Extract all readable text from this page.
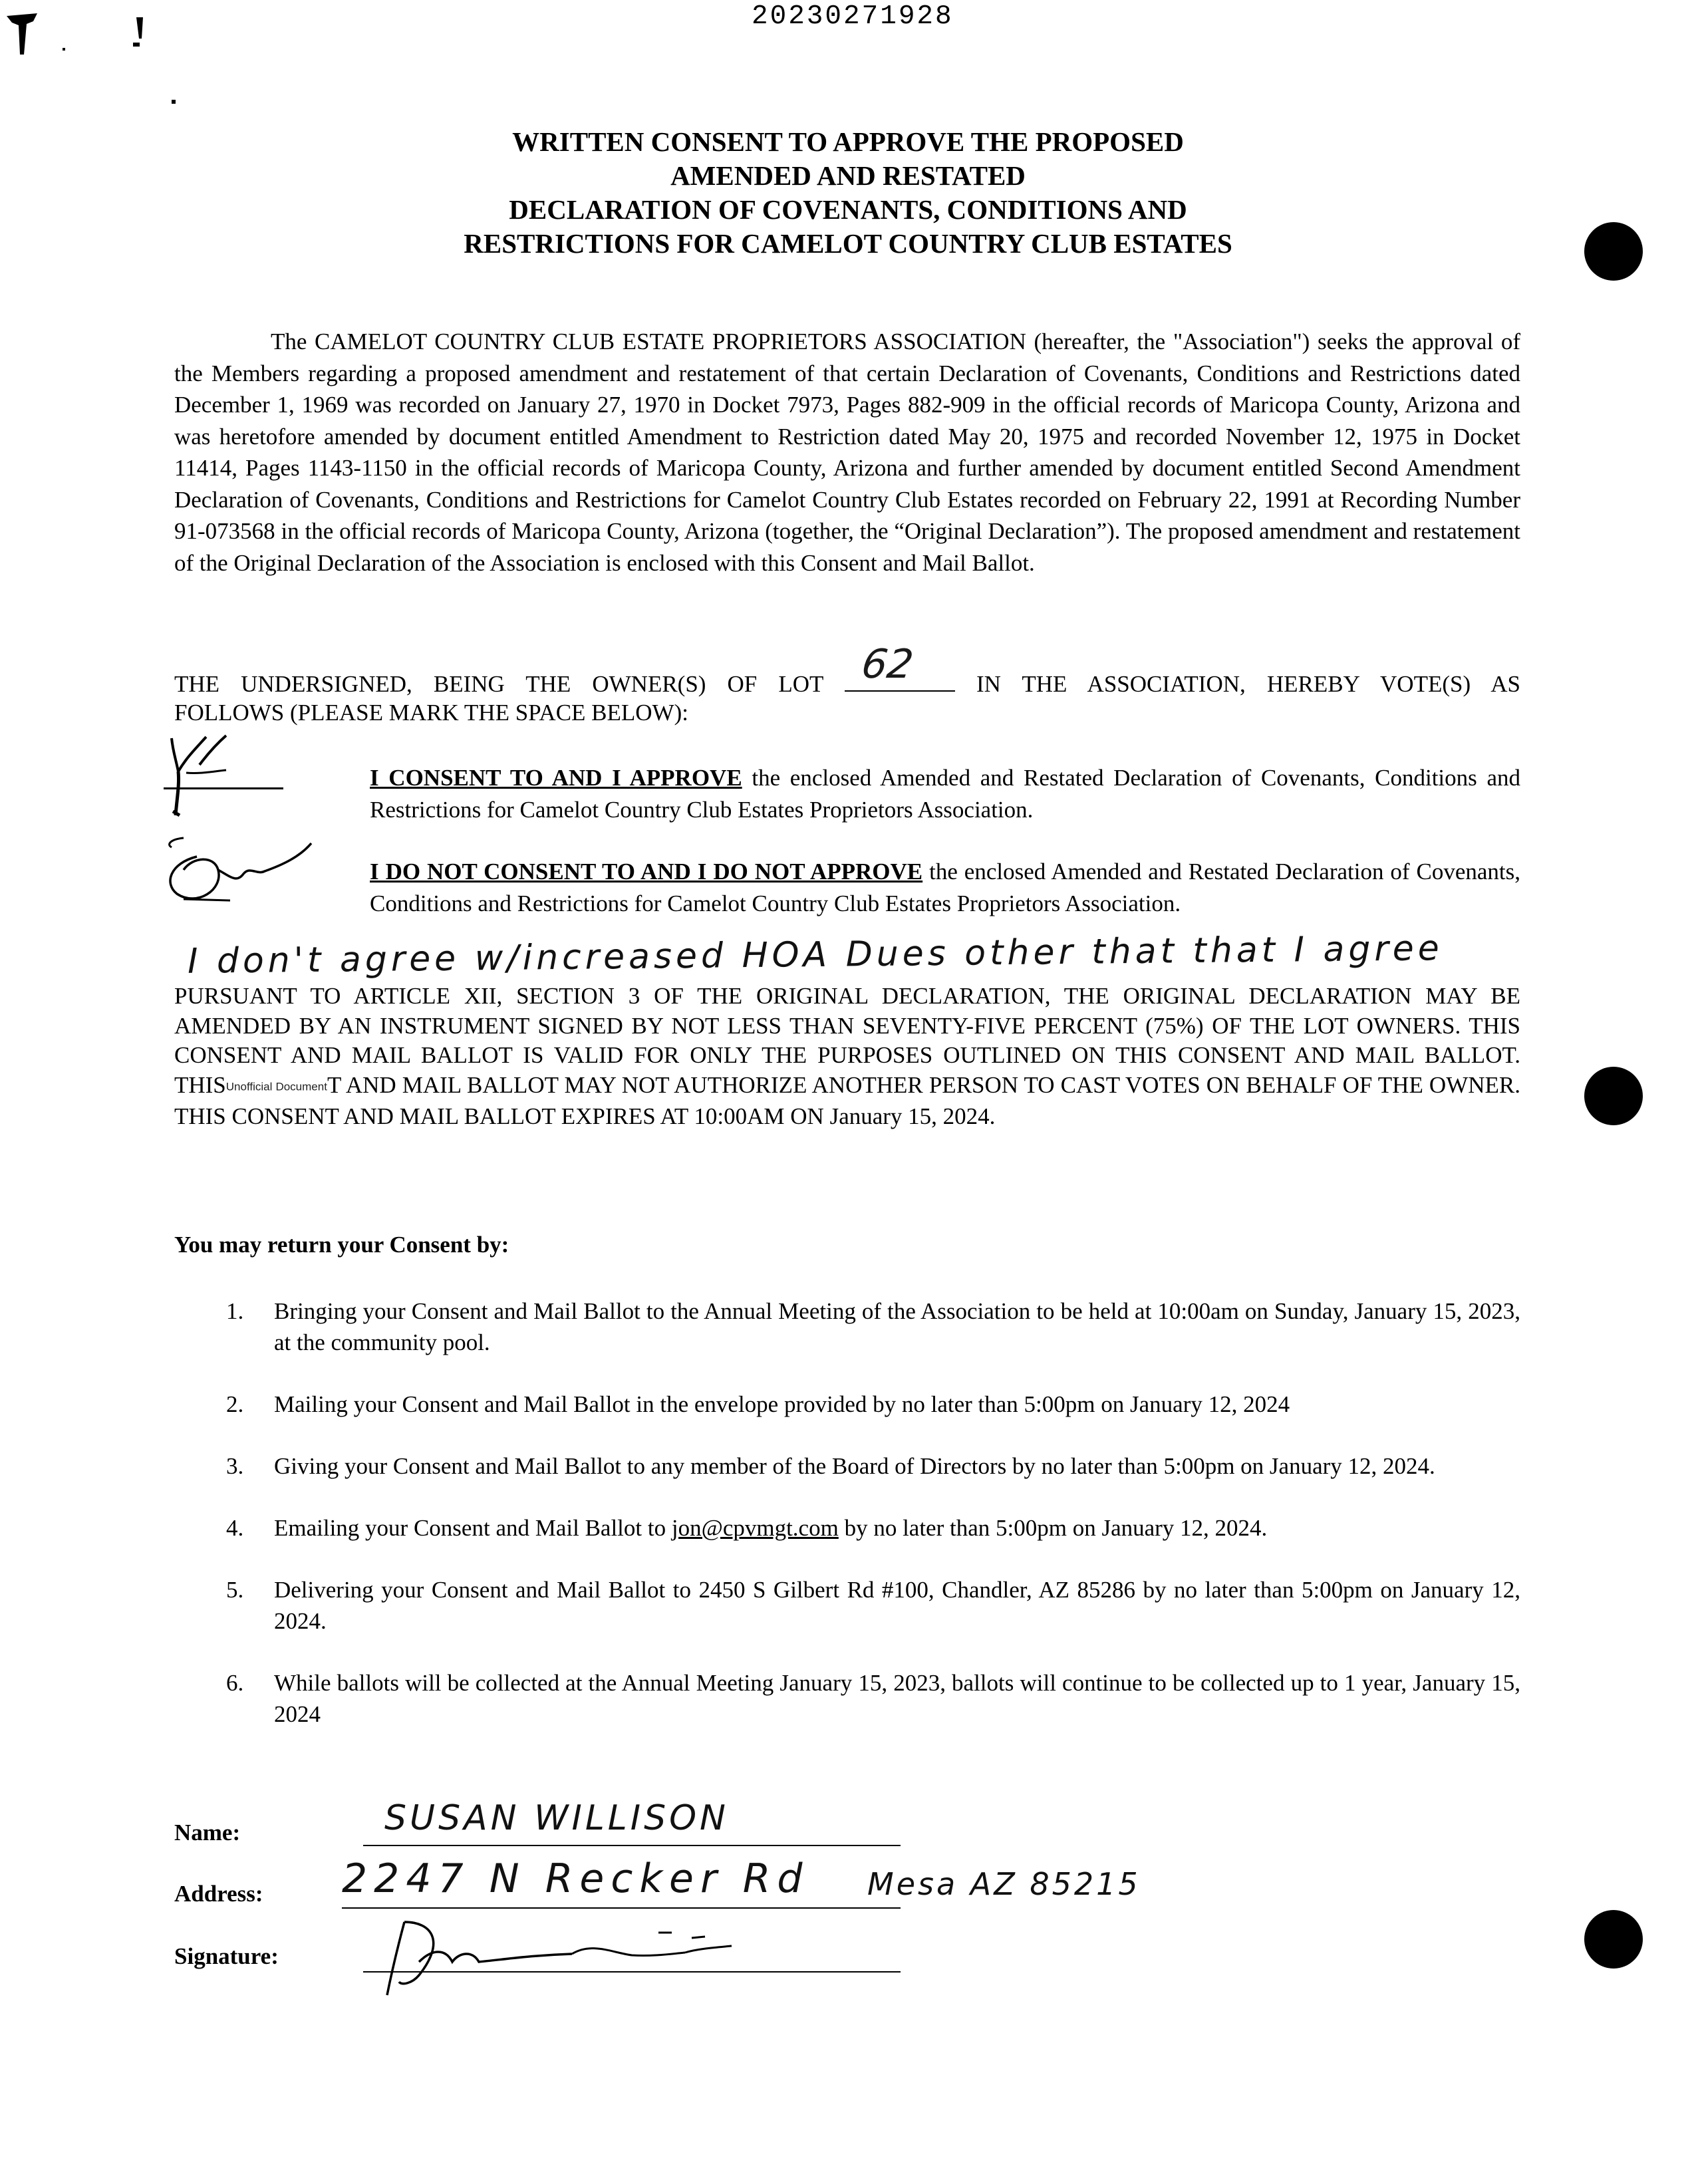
20230271928
WRITTEN CONSENT TO APPROVE THE PROPOSED
AMENDED AND RESTATED
DECLARATION OF COVENANTS, CONDITIONS AND
RESTRICTIONS FOR CAMELOT COUNTRY CLUB ESTATES
The CAMELOT COUNTRY CLUB ESTATE PROPRIETORS ASSOCIATION (hereafter, the "Association") seeks the approval of the Members regarding a proposed amendment and restatement of that certain Declaration of Covenants, Conditions and Restrictions dated December 1, 1969 was recorded on January 27, 1970 in Docket 7973, Pages 882-909 in the official records of Maricopa County, Arizona and was heretofore amended by document entitled Amendment to Restriction dated May 20, 1975 and recorded November 12, 1975 in Docket 11414, Pages 1143-1150 in the official records of Maricopa County, Arizona and further amended by document entitled Second Amendment Declaration of Covenants, Conditions and Restrictions for Camelot Country Club Estates recorded on February 22, 1991 at Recording Number 91-073568 in the official records of Maricopa County, Arizona (together, the “Original Declaration”). The proposed amendment and restatement of the Original Declaration of the Association is enclosed with this Consent and Mail Ballot.
THE UNDERSIGNED, BEING THE OWNER(S) OF LOT 62	IN THE ASSOCIATION, HEREBY VOTE(S) AS
FOLLOWS (PLEASE MARK THE SPACE BELOW):
I CONSENT TO AND I APPROVE the enclosed Amended and Restated Declaration of Covenants, Conditions and Restrictions for Camelot Country Club Estates Proprietors Association.
I DO NOT CONSENT TO AND I DO NOT APPROVE the enclosed Amended and Restated Declaration of Covenants, Conditions and Restrictions for Camelot Country Club Estates Proprietors Association.
I don't agree w/increased HOA Dues other that that I agree
PURSUANT TO ARTICLE XII, SECTION 3 OF THE ORIGINAL DECLARATION, THE ORIGINAL DECLARATION MAY BE AMENDED BY AN INSTRUMENT SIGNED BY NOT LESS THAN SEVENTY-FIVE PERCENT (75%) OF THE LOT OWNERS. THIS CONSENT AND MAIL BALLOT IS VALID FOR ONLY THE PURPOSES OUTLINED ON THIS CONSENT AND MAIL BALLOT. THISUnofficial DocumentT AND MAIL BALLOT MAY NOT AUTHORIZE ANOTHER PERSON TO CAST VOTES ON BEHALF OF THE OWNER. THIS CONSENT AND MAIL BALLOT EXPIRES AT 10:00AM ON January 15, 2024.
You may return your Consent by:
1. Bringing your Consent and Mail Ballot to the Annual Meeting of the Association to be held at 10:00am on Sunday, January 15, 2023, at the community pool.
2. Mailing your Consent and Mail Ballot in the envelope provided by no later than 5:00pm on January 12, 2024
3. Giving your Consent and Mail Ballot to any member of the Board of Directors by no later than 5:00pm on January 12, 2024.
4. Emailing your Consent and Mail Ballot to jon@cpvmgt.com by no later than 5:00pm on January 12, 2024.
5. Delivering your Consent and Mail Ballot to 2450 S Gilbert Rd #100, Chandler, AZ 85286 by no later than 5:00pm on January 12, 2024.
6. While ballots will be collected at the Annual Meeting January 15, 2023, ballots will continue to be collected up to 1 year, January 15, 2024
Name:	SUSAN WILLISON
Address: 2247 N Recker Rd Mesa AZ 85215
Signature:
